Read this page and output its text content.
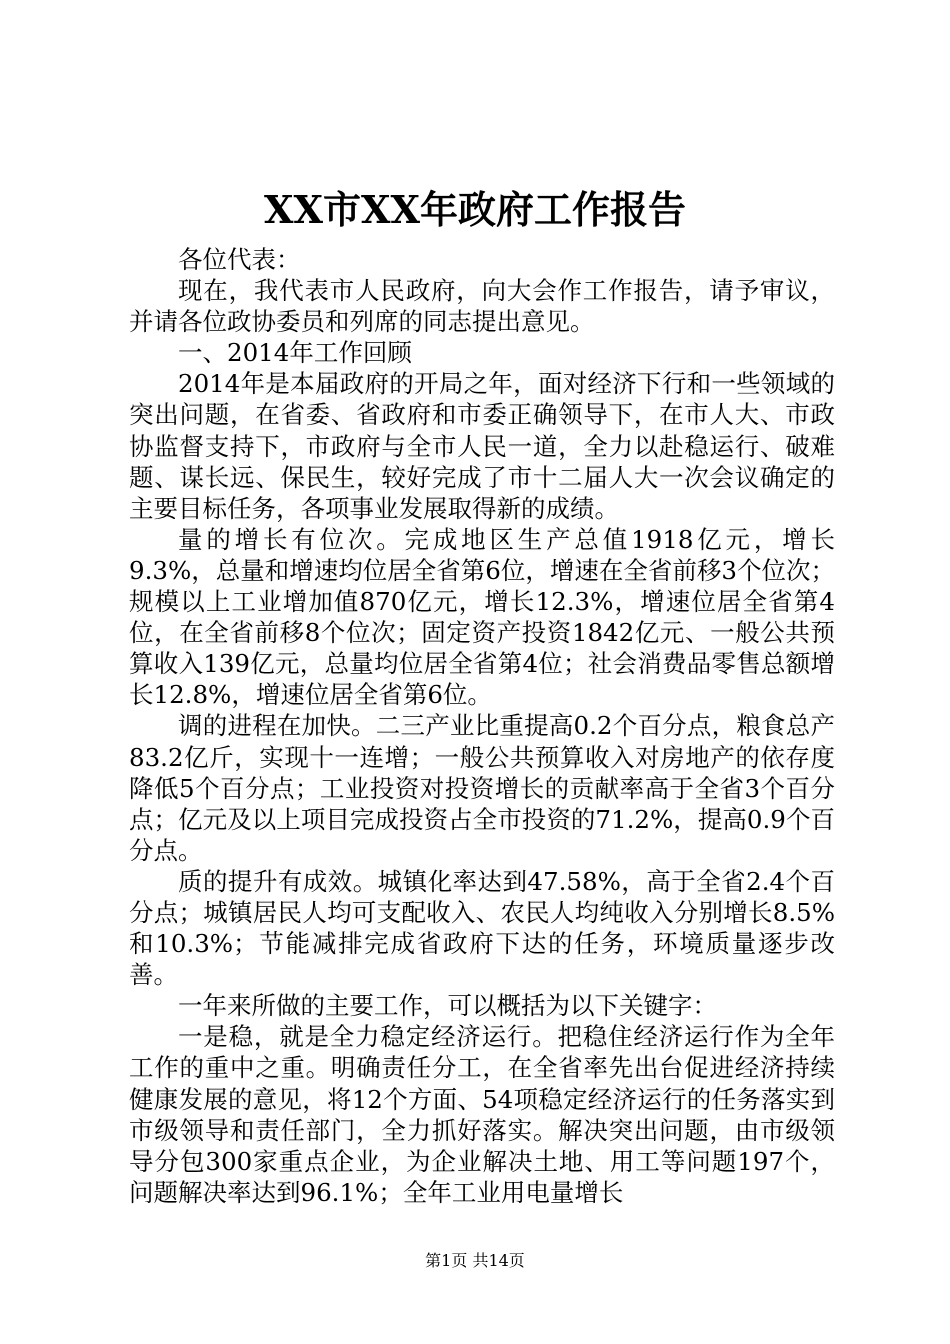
XX市XX年政府工作报告

各位代表：

现在，我代表市人民政府，向大会作工作报告，请予审议，并请各位政协委员和列席的同志提出意见。

一、2014年工作回顾

2014年是本届政府的开局之年，面对经济下行和一些领域的突出问题，在省委、省政府和市委正确领导下，在市人大、市政协监督支持下，市政府与全市人民一道，全力以赴稳运行、破难题、谋长远、保民生，较好完成了市十二届人大一次会议确定的主要目标任务，各项事业发展取得新的成绩。

量的增长有位次。完成地区生产总值1918亿元，增长9.3%，总量和增速均位居全省第6位，增速在全省前移3个位次；规模以上工业增加值870亿元，增长12.3%，增速位居全省第4位，在全省前移8个位次；固定资产投资1842亿元、一般公共预算收入139亿元，总量均位居全省第4位；社会消费品零售总额增长12.8%，增速位居全省第6位。

调的进程在加快。二三产业比重提高0.2个百分点，粮食总产83.2亿斤，实现十一连增；一般公共预算收入对房地产的依存度降低5个百分点；工业投资对投资增长的贡献率高于全省3个百分点；亿元及以上项目完成投资占全市投资的71.2%，提高0.9个百分点。

质的提升有成效。城镇化率达到47.58%，高于全省2.4个百分点；城镇居民人均可支配收入、农民人均纯收入分别增长8.5%和10.3%；节能减排完成省政府下达的任务，环境质量逐步改善。

一年来所做的主要工作，可以概括为以下关键字：

一是稳，就是全力稳定经济运行。把稳住经济运行作为全年工作的重中之重。明确责任分工，在全省率先出台促进经济持续健康发展的意见，将12个方面、54项稳定经济运行的任务落实到市级领导和责任部门，全力抓好落实。解决突出问题，由市级领导分包300家重点企业，为企业解决土地、用工等问题197个，问题解决率达到96.1%；全年工业用电量增长

第1页 共14页
